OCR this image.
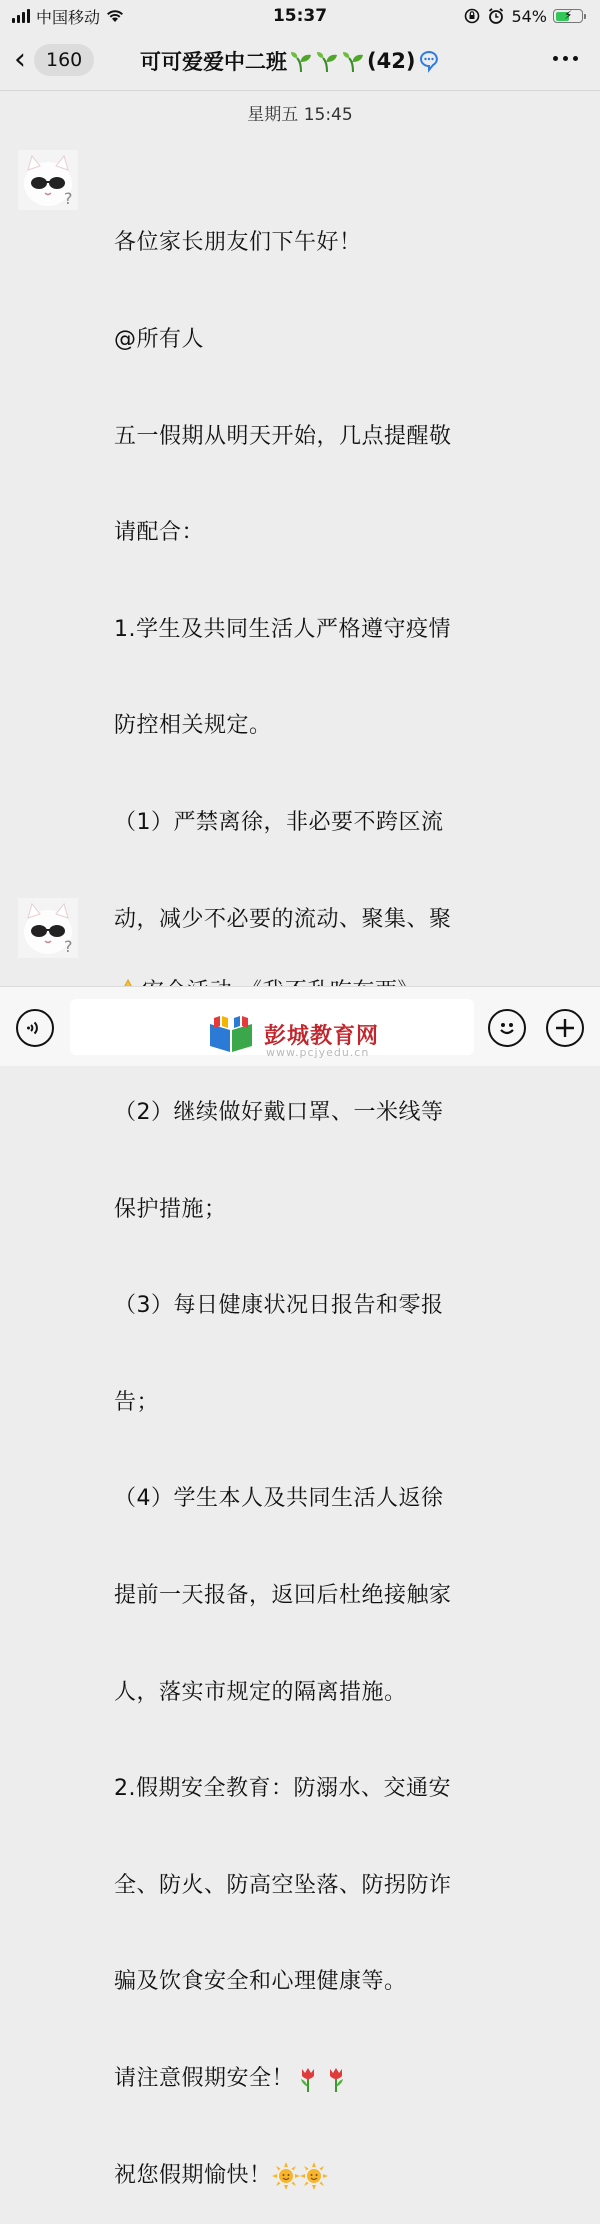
中国移动	15:37	54% ⚡
‹	160	可可爱爱中二班	(42)
星期五 15:45
?

各位家长朋友们下午好！

@所有人

五一假期从明天开始，几点提醒敬

请配合：

1.学生及共同生活人严格遵守疫情

防控相关规定。

（1）严禁离徐，非必要不跨区流

动，减少不必要的流动、聚集、聚

（2）继续做好戴口罩、一米线等

保护措施；

（3）每日健康状况日报告和零报

告；

（4）学生本人及共同生活人返徐

提前一天报备，返回后杜绝接触家

人，落实市规定的隔离措施。

2.假期安全教育：防溺水、交通安

全、防火、防高空坠落、防拐防诈

骗及饮食安全和心理健康等。

请注意假期安全！

祝您假期愉快！

?

彭城教育网
www.pcjyedu.cn
